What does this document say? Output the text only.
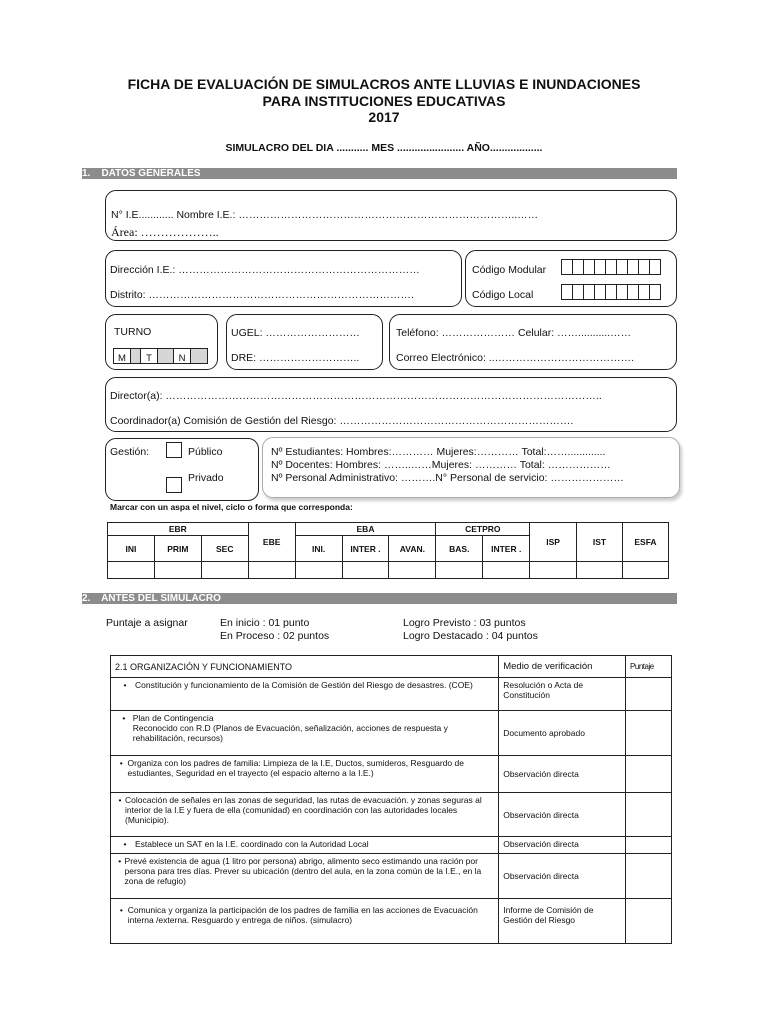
FICHA DE EVALUACIÓN DE SIMULACROS ANTE LLUVIAS E INUNDACIONES
PARA INSTITUCIONES EDUCATIVAS
2017
SIMULACRO DEL DIA ........... MES ....................... AÑO..................
1.    DATOS GENERALES
N° I.E............ Nombre I.E.: ……………………………………………………………………..……
Área: ………………..
Dirección I.E.: ……………………………………………………………
Distrito: ………………………………………………………………….
Código Modular
Código Local
TURNO
M	T	N
UGEL: ………………………
DRE: ………………………..
Teléfono: ………………… Celular: ……...........……
Correo Electrónico: ..………………………………….
Director(a): ……………………………………………………………………………………………………………..
Coordinador(a) Comisión de Gestión del Riesgo: ………………………………………………………….
Gestión:	Público
Privado
Nº Estudiantes: Hombres:………… Mujeres:………… Total:…….............
Nº Docentes: Hombres: ……..……Mujeres: ………… Total: ………………
Nº Personal Administrativo: ……….N° Personal de servicio: …………………
Marcar con un aspa el nivel, ciclo o forma que corresponda:
EBR			EBE	EBA			CETPRO		ISP	IST	ESFA
INI	PRIM	SEC		INI.	INTER .	AVAN.	BAS.	INTER .			

2.    ANTES DEL SIMULACRO
Puntaje a asignar	En inicio : 01 punto
En Proceso : 02 puntos
Logro Previsto : 03 puntos
Logro Destacado : 04 puntos
2.1 ORGANIZACIÓN Y FUNCIONAMIENTO	Medio de verificación	Puntaje

• Constitución y funcionamiento de la Comisión de Gestión del Riesgo de desastres. (COE)	Resolución o Acta de Constitución	

• Plan de Contingencia
Reconocido con R.D (Planos de Evacuación, señalización, acciones de respuesta y rehabilitación, recursos)	Documento aprobado	

• Organiza con los padres de familia: Limpieza de la I.E, Ductos, sumideros, Resguardo de estudiantes, Seguridad en el trayecto (el espacio alterno a la I.E.)	Observación directa	

• Colocación de señales en las zonas de seguridad, las rutas de evacuación. y zonas seguras al interior de la I.E y fuera de ella (comunidad) en coordinación con las autoridades locales (Municipio).	Observación directa	

• Establece un SAT en la I.E. coordinado con la Autoridad Local	Observación directa	

• Prevé existencia de agua (1 litro por persona) abrigo, alimento seco estimando una ración por persona para tres días. Prever su ubicación (dentro del aula, en la zona común de la I.E., en la zona de refugio)	Observación directa	

• Comunica y organiza la participación de los padres de familia en las acciones de Evacuación interna /externa. Resguardo y entrega de niños. (simulacro)	Informe de Comisión de Gestión del Riesgo	
